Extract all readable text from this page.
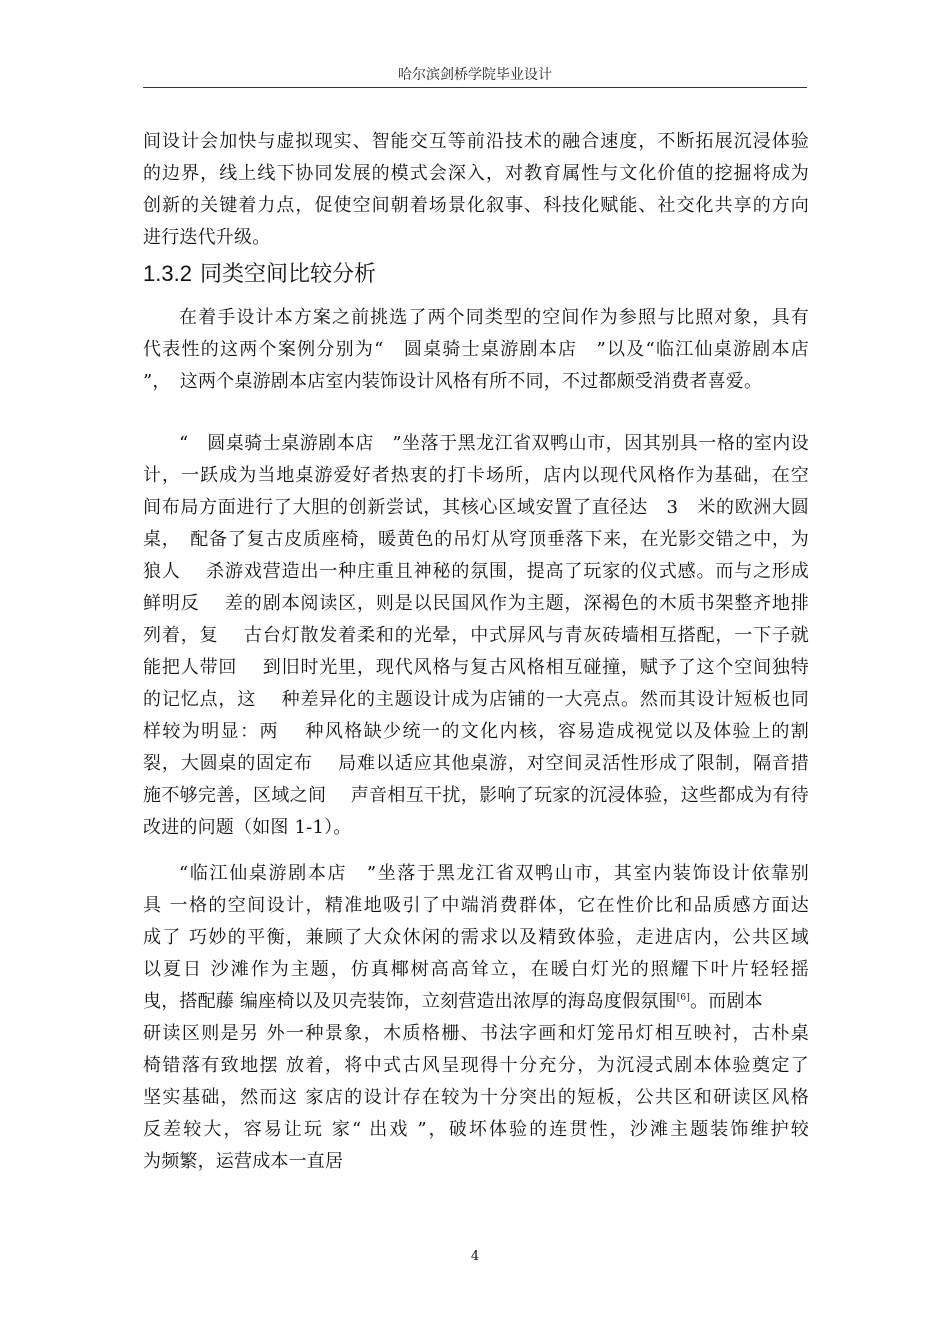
哈尔滨剑桥学院毕业设计
间设计会加快与虚拟现实、智能交互等前沿技术的融合速度，不断拓展沉浸体验
的边界，线上线下协同发展的模式会深入，对教育属性与文化价值的挖掘将成为
创新的关键着力点，促使空间朝着场景化叙事、科技化赋能、社交化共享的方向
进行迭代升级。
1.3.2 同类空间比较分析
在着手设计本方案之前挑选了两个同类型的空间作为参照与比照对象，具有
代表性的这两个案例分别为“　圆桌骑士桌游剧本店　”以及“临江仙桌游剧本店
”，　这两个桌游剧本店室内装饰设计风格有所不同，不过都颇受消费者喜爱。
“　圆桌骑士桌游剧本店　”坐落于黑龙江省双鸭山市，因其别具一格的室内设
计，一跃成为当地桌游爱好者热衷的打卡场所，店内以现代风格作为基础，在空
间布局方面进行了大胆的创新尝试，其核心区域安置了直径达　3　米的欧洲大圆
桌，　配备了复古皮质座椅，暖黄色的吊灯从穹顶垂落下来，在光影交错之中，为
狼人　 杀游戏营造出一种庄重且神秘的氛围，提高了玩家的仪式感。而与之形成
鲜明反　 差的剧本阅读区，则是以民国风作为主题，深褐色的木质书架整齐地排
列着，复　 古台灯散发着柔和的光晕，中式屏风与青灰砖墙相互搭配，一下子就
能把人带回　 到旧时光里，现代风格与复古风格相互碰撞，赋予了这个空间独特
的记忆点，这　 种差异化的主题设计成为店铺的一大亮点。然而其设计短板也同
样较为明显：两　 种风格缺少统一的文化内核，容易造成视觉以及体验上的割
裂，大圆桌的固定布　 局难以适应其他桌游，对空间灵活性形成了限制，隔音措
施不够完善，区域之间　 声音相互干扰，影响了玩家的沉浸体验，这些都成为有待
改进的问题（如图 1-1）。
“临江仙桌游剧本店　”坐落于黑龙江省双鸭山市，其室内装饰设计依靠别
具 一格的空间设计，精准地吸引了中端消费群体，它在性价比和品质感方面达
成了 巧妙的平衡，兼顾了大众休闲的需求以及精致体验，走进店内，公共区域
以夏日 沙滩作为主题，仿真椰树高高耸立，在暖白灯光的照耀下叶片轻轻摇
曳，搭配藤 编座椅以及贝壳装饰，立刻营造出浓厚的海岛度假氛围[6]。而剧本
研读区则是另 外一种景象，木质格栅、书法字画和灯笼吊灯相互映衬，古朴桌
椅错落有致地摆 放着，将中式古风呈现得十分充分，为沉浸式剧本体验奠定了
坚实基础，然而这 家店的设计存在较为十分突出的短板，公共区和研读区风格
反差较大，容易让玩 家“ 出戏 ”，破坏体验的连贯性，沙滩主题装饰维护较
为频繁，运营成本一直居
4
